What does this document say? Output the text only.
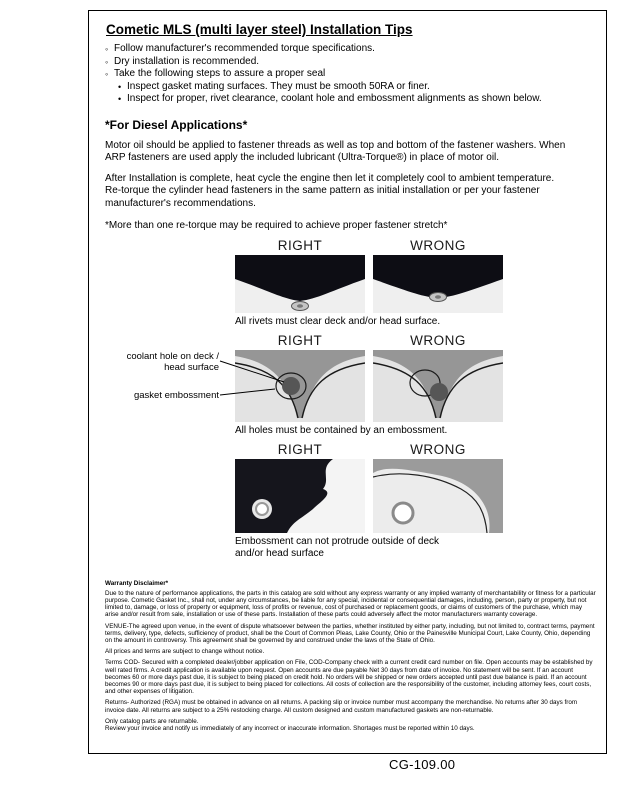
Cometic MLS (multi layer steel) Installation Tips
◦ Follow manufacturer's recommended torque specifications.
◦ Dry installation is recommended.
◦ Take the following steps to assure a proper seal
• Inspect gasket mating surfaces. They must be smooth 50RA or finer.
• Inspect for proper, rivet clearance, coolant hole and embossment alignments as shown below.
*For Diesel Applications*
Motor oil should be applied to fastener threads as well as top and bottom of the fastener washers. When ARP fasteners are used apply the included lubricant (Ultra-Torque®) in place of motor oil.
After Installation is complete, heat cycle the engine then let it completely cool to ambient temperature. Re-torque the cylinder head fasteners in the same pattern as initial installation or per your fastener manufacturer's recommendations.
*More than one re-torque may be required to achieve proper fastener stretch*
RIGHT	WRONG
All rivets must clear deck and/or head surface.
RIGHT	WRONG
All holes must be contained by an embossment.
coolant hole on deck / head surface
gasket embossment
RIGHT	WRONG
Embossment can not protrude outside of deck and/or head surface
Warranty Disclaimer*

Due to the nature of performance applications, the parts in this catalog are sold without any express warranty or any implied warranty of merchantability or fitness for a particular purpose. Cometic Gasket Inc., shall not, under any circumstances, be liable for any special, incidental or consequential damages, including, person, party or property, but not limited to, damage, or loss of property or equipment, loss of profits or revenue, cost of purchased or replacement goods, or claims of customers of the purchase, which may arise and/or result from sale, installation or use of these parts. Installation of these parts could adversely affect the motor manufacturers warranty coverage.

VENUE-The agreed upon venue, in the event of dispute whatsoever between the parties, whether instituted by either party, including, but not limited to, contract terms, payment terms, delivery, type, defects, sufficiency of product, shall be the Court of Common Pleas, Lake County, Ohio or the Painesville Municipal Court, Lake County, Ohio, depending on the amount in controversy. This agreement shall be governed by and construed under the laws of the State of Ohio.

All prices and terms are subject to change without notice.

Terms COD- Secured with a completed dealer/jobber application on File, COD-Company check with a current credit card number on file. Open accounts may be established by well rated firms. A credit application is available upon request. Open accounts are due payable Net 30 days from date of invoice. No statement will be sent. If an account becomes 60 or more days past due, it is subject to being placed on credit hold. No orders will be shipped or new orders accepted until past due balance is paid. If an account becomes 90 or more days past due, it is subject to being placed for collections. All costs of collection are the responsibility of the customer, including attorney fees, court costs, and other expenses of litigation.

Returns- Authorized (RGA) must be obtained in advance on all returns. A packing slip or invoice number must accompany the merchandise. No returns after 30 days from invoice date. All returns are subject to a 25% restocking charge. All custom designed and custom manufactured gaskets are non-returnable.

Only catalog parts are returnable.

Review your invoice and notify us immediately of any incorrect or inaccurate information. Shortages must be reported within 10 days.

CG-109.00
